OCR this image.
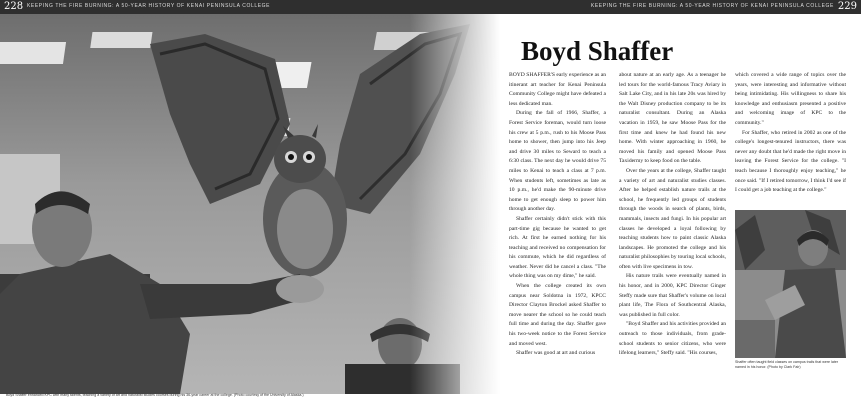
228 KEEPING THE FIRE BURNING: A 50-YEAR HISTORY OF KENAI PENINSULA COLLEGE	KEEPING THE FIRE BURNING: A 50-YEAR HISTORY OF KENAI PENINSULA COLLEGE 229
Boyd Shaffer enhanced KPC with many talents, teaching a variety of art and naturalist studies courses during his 36-year career at the college. (Photo courtesy of the University of Alaska.)
Boyd Shaffer

BOYD SHAFFER'S early experience as an itinerant art teacher for Kenai Peninsula Community College might have defeated a less dedicated man.

During the fall of 1966, Shaffer, a Forest Service foreman, would turn loose his crew at 5 p.m., rush to his Moose Pass home to shower, then jump into his Jeep and drive 30 miles to Seward to teach a 6:30 class. The next day he would drive 75 miles to Kenai to teach a class at 7 p.m. When students left, sometimes as late as 10 p.m., he'd make the 90-minute drive home to get enough sleep to power him through another day.

Shaffer certainly didn't stick with this part-time gig because he wanted to get rich. At first he earned nothing for his teaching and received no compensation for his commute, which he did regardless of weather. Never did he cancel a class. "The whole thing was on my dime," he said.

When the college created its own campus near Soldotna in 1972, KPCC Director Clayton Brockel asked Shaffer to move nearer the school so he could teach full time and during the day. Shaffer gave his two-week notice to the Forest Service and moved west.

Shaffer was good at art and curious

about nature at an early age. As a teenager he led tours for the world-famous Tracy Aviary in Salt Lake City, and in his late 20s was hired by the Walt Disney production company to be its naturalist consultant. During an Alaska vacation in 1959, he saw Moose Pass for the first time and knew he had found his new home. With winter approaching in 1960, he moved his family and opened Moose Pass Taxidermy to keep food on the table.

Over the years at the college, Shaffer taught a variety of art and naturalist studies classes. After he helped establish nature trails at the school, he frequently led groups of students through the woods in search of plants, birds, mammals, insects and fungi. In his popular art classes he developed a loyal following by teaching students how to paint classic Alaska landscapes. He promoted the college and his naturalist philosophies by touring local schools, often with live specimens in tow.

His nature trails were eventually named in his honor, and in 2000, KPC Director Ginger Steffy made sure that Shaffer's volume on local plant life, The Flora of Southcentral Alaska, was published in full color.

"Boyd Shaffer and his activities provided an outreach to those individuals, from grade-school students to senior citizens, who were lifelong learners," Steffy said. "His courses,

which covered a wide range of topics over the years, were interesting and informative without being intimidating. His willingness to share his knowledge and enthusiasm presented a positive and welcoming image of KPC to the community."

For Shaffer, who retired in 2002 as one of the college's longest-tenured instructors, there was never any doubt that he'd made the right move in leaving the Forest Service for the college. "I teach because I thoroughly enjoy teaching," he once said. "If I retired tomorrow, I think I'd see if I could get a job teaching at the college."

Shaffer often taught field classes on campus trails that were later named in his honor. (Photo by Clark Fair)
